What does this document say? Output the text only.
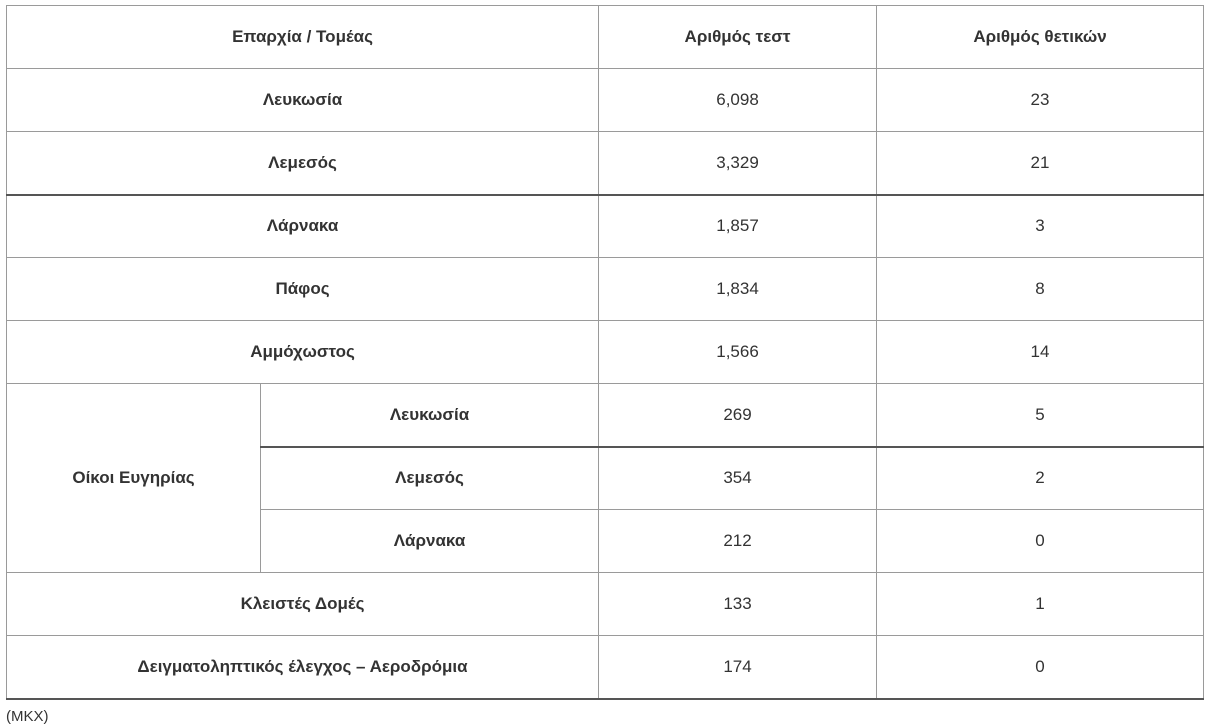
Επαρχία / Τομέας		Αριθμός τεστ	Αριθμός θετικών
Λευκωσία		6,098	23
Λεμεσός		3,329	21
Λάρνακα		1,857	3
Πάφος		1,834	8
Αμμόχωστος		1,566	14
Οίκοι Ευγηρίας	Λευκωσία	269	5
	Λεμεσός	354	2
	Λάρνακα	212	0
Κλειστές Δομές		133	1
Δειγματοληπτικός έλεγχος – Αεροδρόμια		174	0
(ΜΚΧ)
